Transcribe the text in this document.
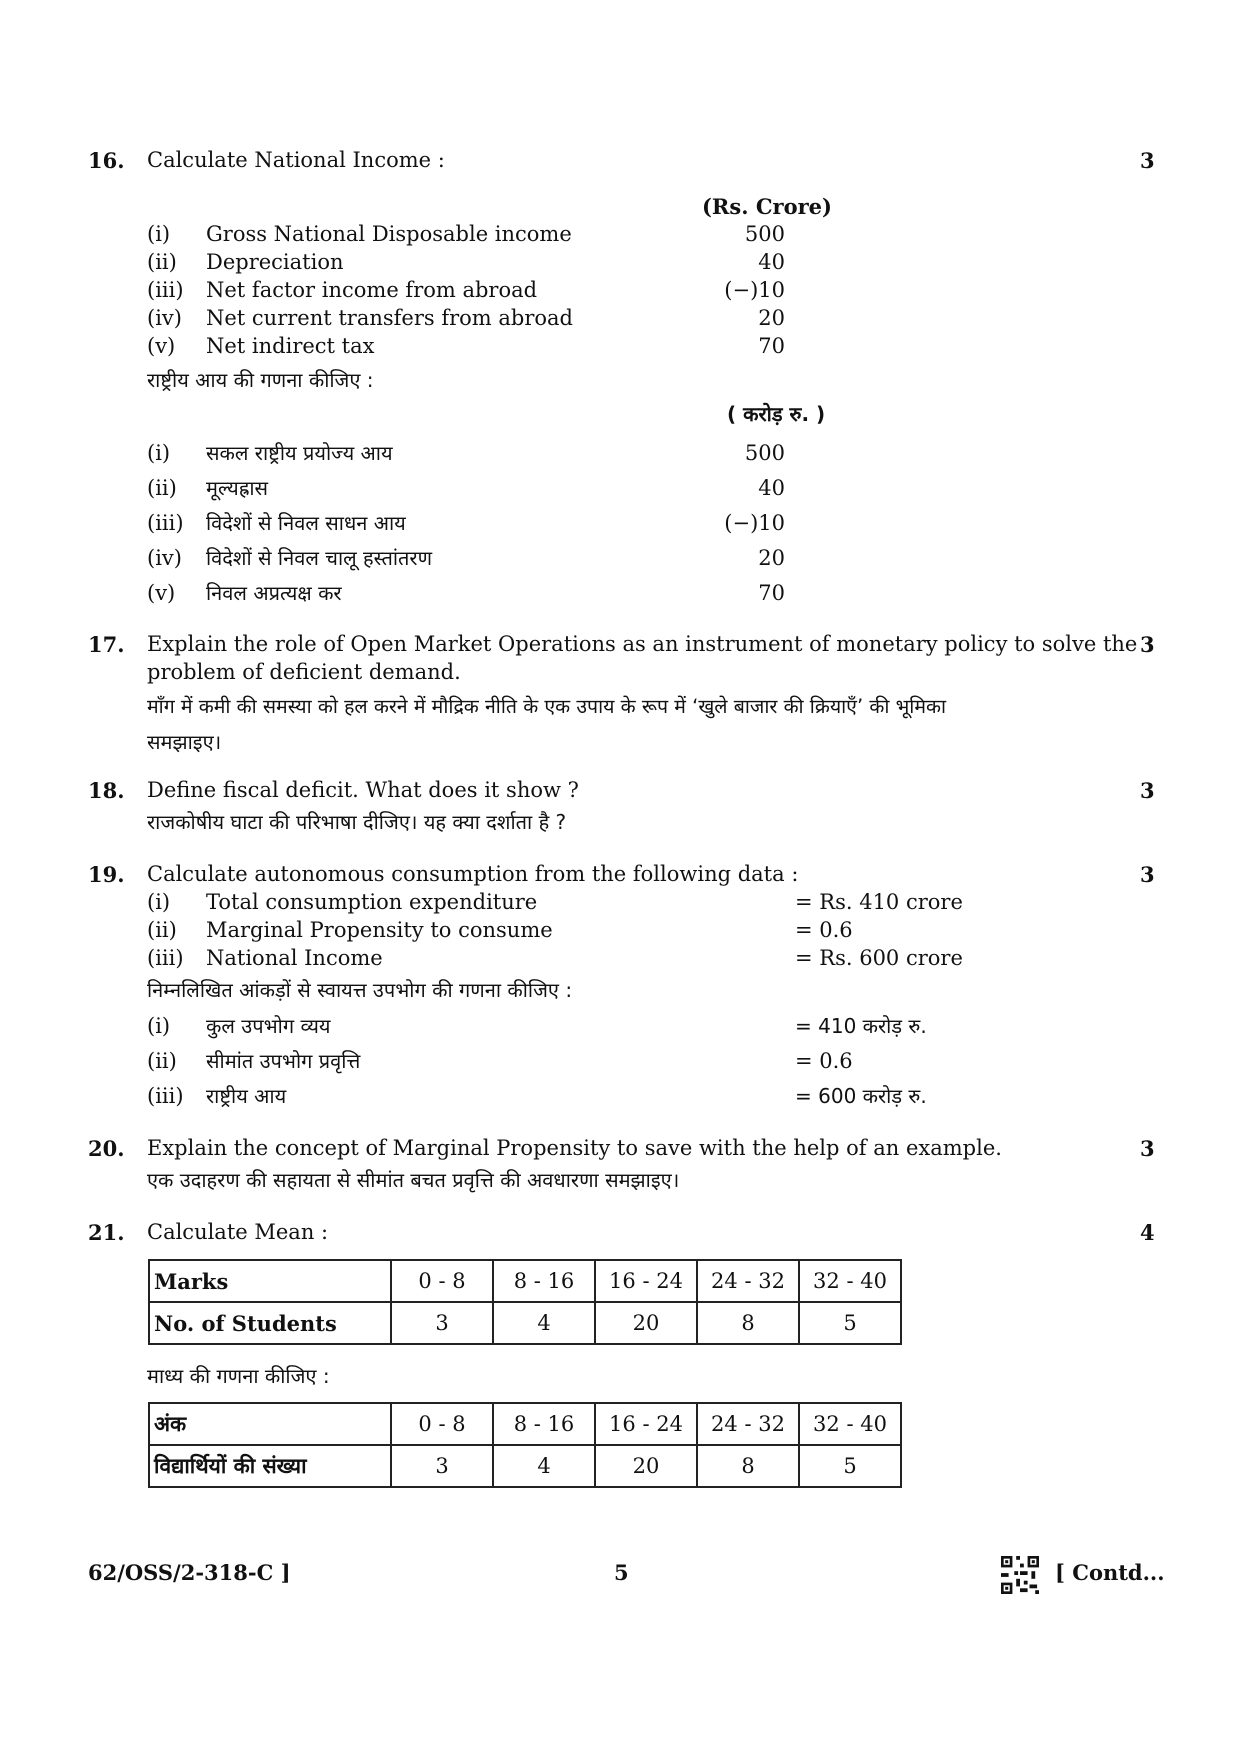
16. Calculate National Income :	3
(Rs. Crore)
(i) Gross National Disposable income	500
(ii) Depreciation	40
(iii) Net factor income from abroad	(−)10
(iv) Net current transfers from abroad	20
(v) Net indirect tax	70
राष्ट्रीय आय की गणना कीजिए :
( करोड़ रु. )
(i) सकल राष्ट्रीय प्रयोज्य आय	500
(ii) मूल्यह्रास	40
(iii) विदेशों से निवल साधन आय	(−)10
(iv) विदेशों से निवल चालू हस्तांतरण	20
(v) निवल अप्रत्यक्ष कर	70
17. Explain the role of Open Market Operations as an instrument of monetary policy to solve the
problem of deficient demand.
3
माँग में कमी की समस्या को हल करने में मौद्रिक नीति के एक उपाय के रूप में ‘खुले बाजार की क्रियाएँ’ की भूमिका
समझाइए।
18. Define fiscal deficit. What does it show ?	3
राजकोषीय घाटा की परिभाषा दीजिए। यह क्या दर्शाता है ?
19. Calculate autonomous consumption from the following data :	3
(i) Total consumption expenditure	= Rs. 410 crore
(ii) Marginal Propensity to consume	= 0.6
(iii) National Income	= Rs. 600 crore
निम्नलिखित आंकड़ों से स्वायत्त उपभोग की गणना कीजिए :
(i) कुल उपभोग व्यय	= 410 करोड़ रु.
(ii) सीमांत उपभोग प्रवृत्ति	= 0.6
(iii) राष्ट्रीय आय	= 600 करोड़ रु.
20. Explain the concept of Marginal Propensity to save with the help of an example.	3
एक उदाहरण की सहायता से सीमांत बचत प्रवृत्ति की अवधारणा समझाइए।
21. Calculate Mean :	4
Marks	0 - 8	8 - 16	16 - 24	24 - 32	32 - 40
No. of Students	3	4	20	8	5
माध्य की गणना कीजिए :
अंक	0 - 8	8 - 16	16 - 24	24 - 32	32 - 40
विद्यार्थियों की संख्या	3	4	20	8	5
62/OSS/2-318-C ]	5	[ Contd...
